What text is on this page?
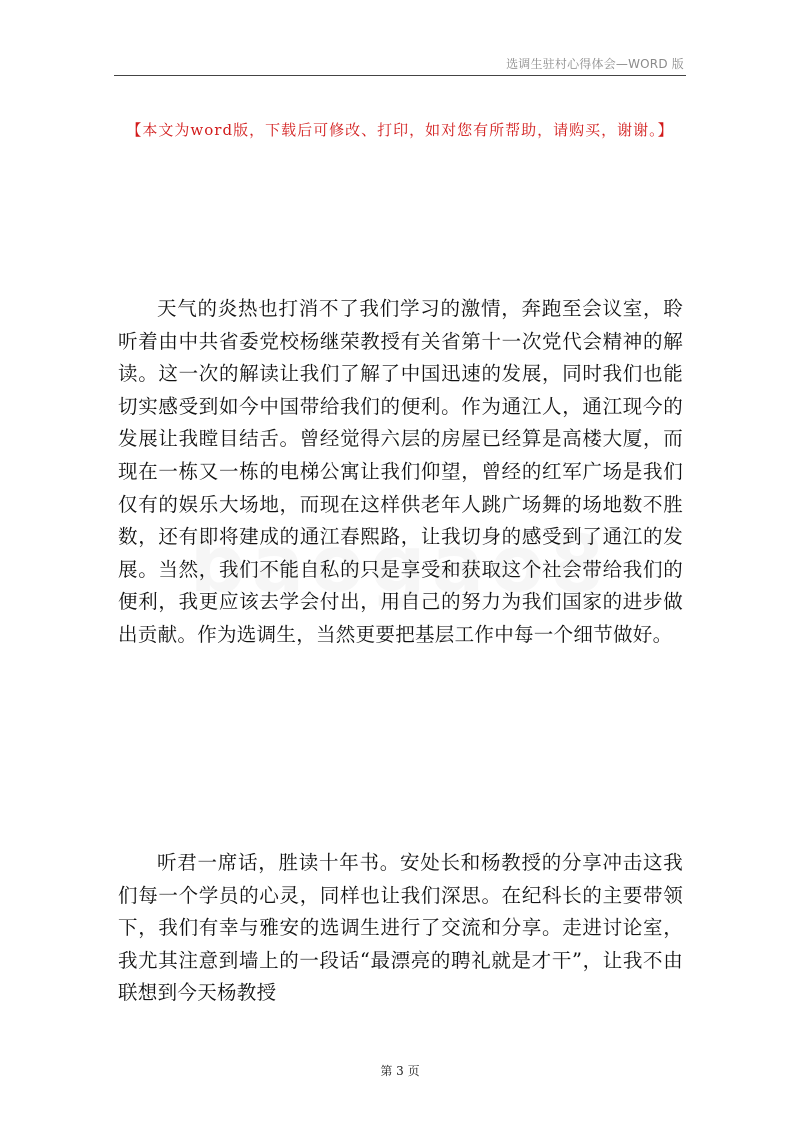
选调生驻村心得体会—WORD 版
【本文为word版，下载后可修改、打印，如对您有所帮助，请购买，谢谢。】

天气的炎热也打消不了我们学习的激情，奔跑至会议室，聆听着由中共省委党校杨继荣教授有关省第十一次党代会精神的解读。这一次的解读让我们了解了中国迅速的发展，同时我们也能切实感受到如今中国带给我们的便利。作为通江人，通江现今的发展让我瞠目结舌。曾经觉得六层的房屋已经算是高楼大厦，而现在一栋又一栋的电梯公寓让我们仰望，曾经的红军广场是我们仅有的娱乐大场地，而现在这样供老年人跳广场舞的场地数不胜数，还有即将建成的通江春熙路，让我切身的感受到了通江的发展。当然，我们不能自私的只是享受和获取这个社会带给我们的便利，我更应该去学会付出，用自己的努力为我们国家的进步做出贡献。作为选调生，当然更要把基层工作中每一个细节做好。

听君一席话，胜读十年书。安处长和杨教授的分享冲击这我们每一个学员的心灵，同样也让我们深思。在纪科长的主要带领下，我们有幸与雅安的选调生进行了交流和分享。走进讨论室，我尤其注意到墙上的一段话“最漂亮的聘礼就是才干”，让我不由联想到今天杨教授

第 3 页
